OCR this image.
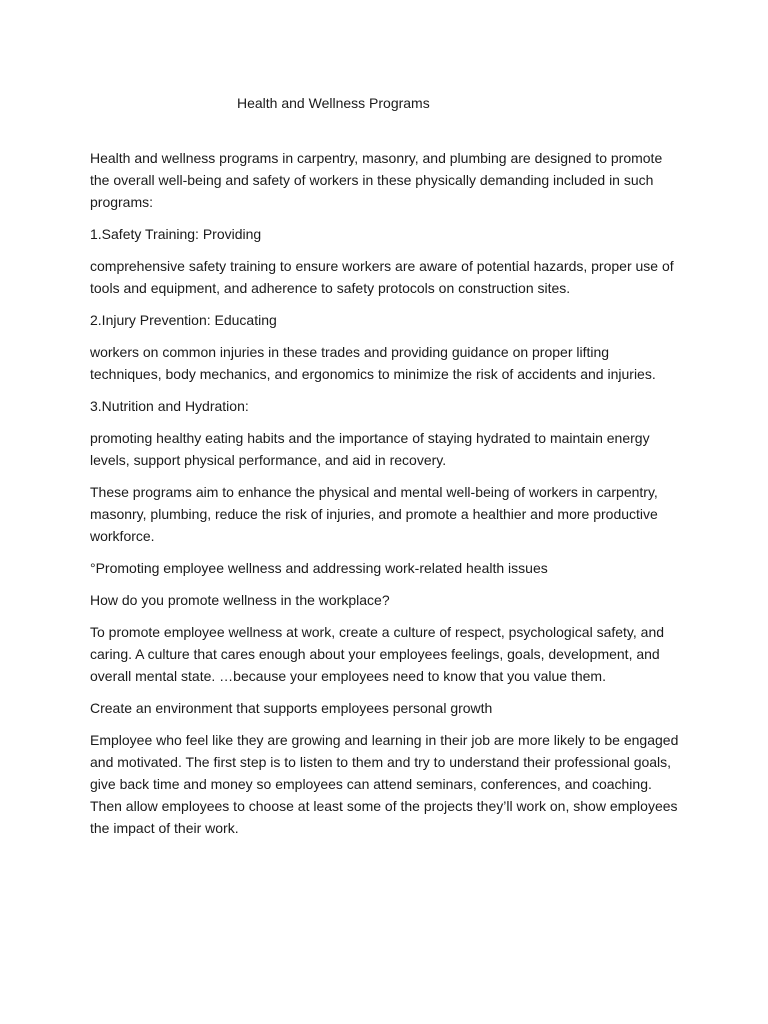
Health and Wellness Programs

Health and wellness programs in carpentry, masonry, and plumbing are designed to promote the overall well-being and safety of workers in these physically demanding included in such programs:

1.Safety Training: Providing

comprehensive safety training to ensure workers are aware of potential hazards, proper use of tools and equipment, and adherence to safety protocols on construction sites.

2.Injury Prevention: Educating

workers on common injuries in these trades and providing guidance on proper lifting techniques, body mechanics, and ergonomics to minimize the risk of accidents and injuries.

3.Nutrition and Hydration:

promoting healthy eating habits and the importance of staying hydrated to maintain energy levels, support physical performance, and aid in recovery.

These programs aim to enhance the physical and mental well-being of workers in carpentry, masonry, plumbing, reduce the risk of injuries, and promote a healthier and more productive workforce.

°Promoting employee wellness and addressing work-related health issues

How do you promote wellness in the workplace?

To promote employee wellness at work, create a culture of respect, psychological safety, and caring. A culture that cares enough about your employees feelings, goals, development, and overall mental state. …because your employees need to know that you value them.

Create an environment that supports employees personal growth

Employee who feel like they are growing and learning in their job are more likely to be engaged and motivated. The first step is to listen to them and try to understand their professional goals, give back time and money so employees can attend seminars, conferences, and coaching. Then allow employees to choose at least some of the projects they’ll work on, show employees the impact of their work.
